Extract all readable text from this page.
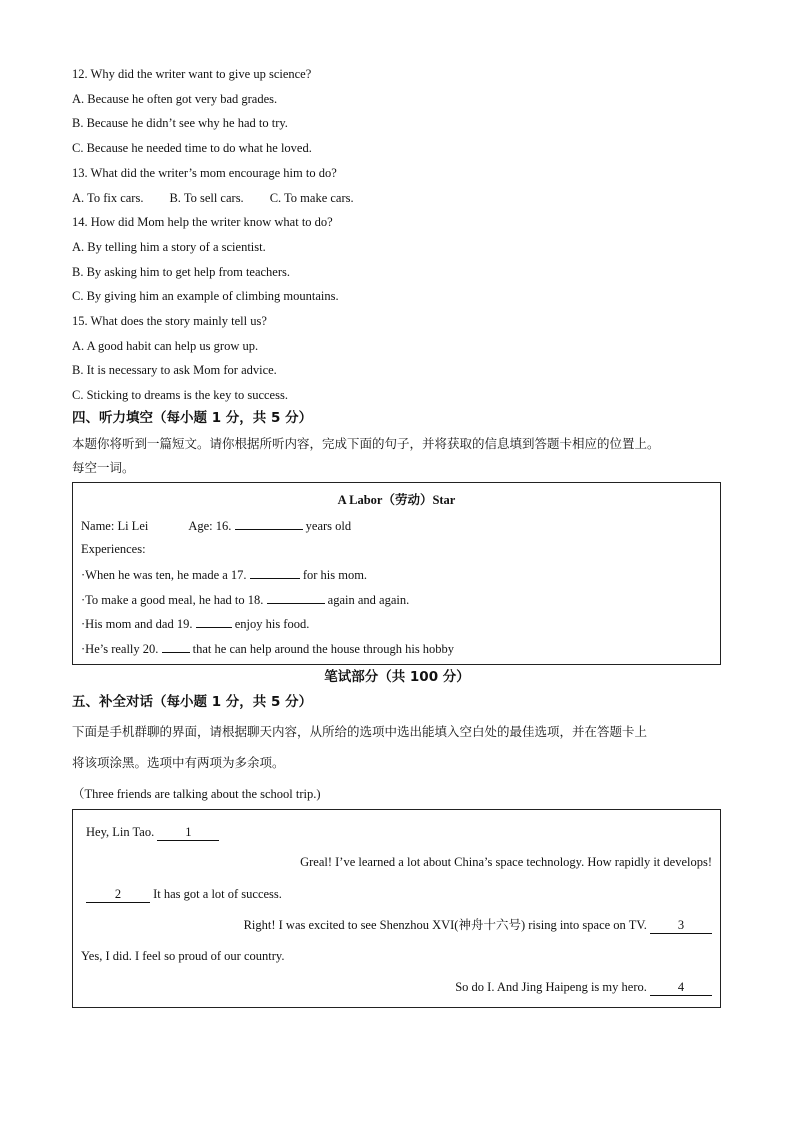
12. Why did the writer want to give up science?
A. Because he often got very bad grades.
B. Because he didn’t see why he had to try.
C. Because he needed time to do what he loved.
13. What did the writer’s mom encourage him to do?
A. To fix cars. B. To sell cars. C. To make cars.
14. How did Mom help the writer know what to do?
A. By telling him a story of a scientist.
B. By asking him to get help from teachers.
C. By giving him an example of climbing mountains.
15. What does the story mainly tell us?
A. A good habit can help us grow up.
B. It is necessary to ask Mom for advice.
C. Sticking to dreams is the key to success.
四、听力填空（每小题 1 分，共 5 分）
本题你将听到一篇短文。请你根据所听内容，完成下面的句子，并将获取的信息填到答题卡相应的位置上。
每空一词。
A Labor（劳动）Star
Name: Li Lei	Age: 16.	years old
Experiences:
·When he was ten, he made a 17.	for his mom.
·To make a good meal, he had to 18.	again and again.
·His mom and dad 19.	enjoy his food.
·He’s really 20.	that he can help around the house through his hobby
笔试部分（共 100 分）
五、补全对话（每小题 1 分，共 5 分）
下面是手机群聊的界面，请根据聊天内容，从所给的选项中选出能填入空白处的最佳选项，并在答题卡上
将该项涂黑。选项中有两项为多余项。
（Three friends are talking about the school trip.)
Hey, Lin Tao. 1
Greal! I’ve learned a lot about China’s space technology. How rapidly it develops!
2	It has got a lot of success.
Right! I was excited to see Shenzhou XVI(神舟十六号) rising into space on TV. 3
Yes, I did. I feel so proud of our country.
So do I. And Jing Haipeng is my hero. 4
